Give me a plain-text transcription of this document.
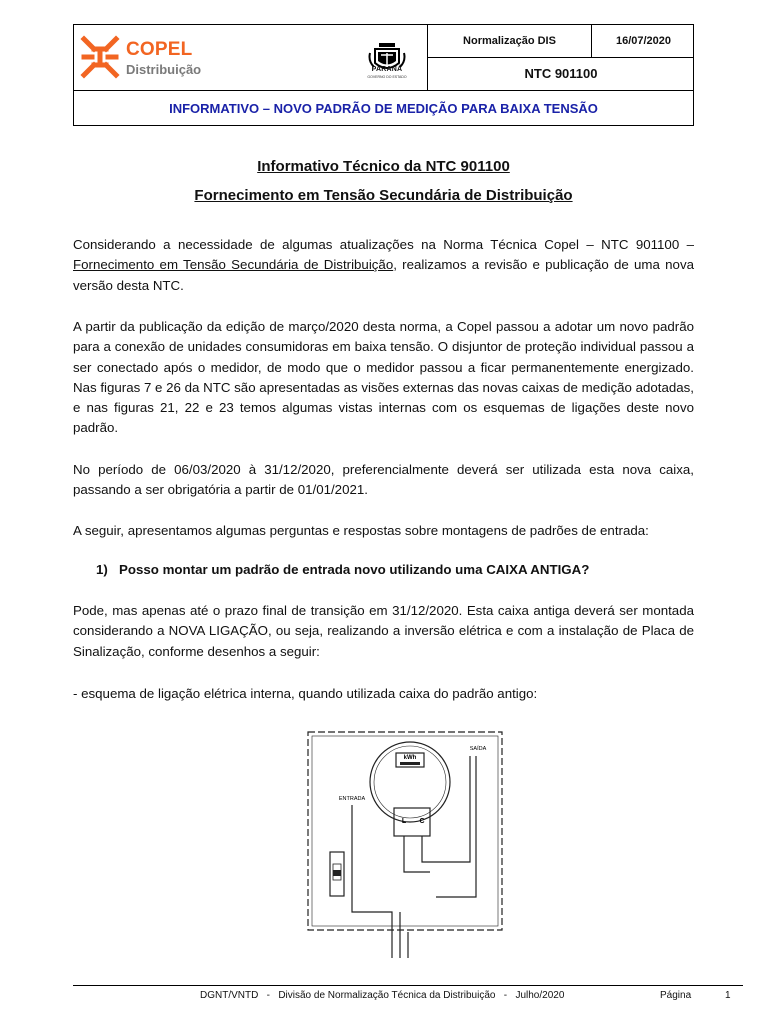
COPEL
Distribuição	PARANÁ
GOVERNO DO ESTADO
Normalização DIS	16/07/2020
NTC 901100
INFORMATIVO – NOVO PADRÃO DE MEDIÇÃO PARA BAIXA TENSÃO
Informativo Técnico da NTC 901100
Fornecimento em Tensão Secundária de Distribuição

Considerando a necessidade de algumas atualizações na Norma Técnica Copel – NTC 901100 – Fornecimento em Tensão Secundária de Distribuição, realizamos a revisão e publicação de uma nova versão desta NTC.

A partir da publicação da edição de março/2020 desta norma, a Copel passou a adotar um novo padrão para a conexão de unidades consumidoras em baixa tensão. O disjuntor de proteção individual passou a ser conectado após o medidor, de modo que o medidor passou a ficar permanentemente energizado. Nas figuras 7 e 26 da NTC são apresentadas as visões externas das novas caixas de medição adotadas, e nas figuras 21, 22 e 23 temos algumas vistas internas com os esquemas de ligações deste novo padrão.

No período de 06/03/2020 à 31/12/2020, preferencialmente deverá ser utilizada esta nova caixa, passando a ser obrigatória a partir de 01/01/2021.

A seguir, apresentamos algumas perguntas e respostas sobre montagens de padrões de entrada:

1) Posso montar um padrão de entrada novo utilizando uma CAIXA ANTIGA?

Pode, mas apenas até o prazo final de transição em 31/12/2020. Esta caixa antiga deverá ser montada considerando a NOVA LIGAÇÃO, ou seja, realizando a inversão elétrica e com a instalação de Placa de Sinalização, conforme desenhos a seguir:

- esquema de ligação elétrica interna, quando utilizada caixa do padrão antigo:

kWh
ENTRADA
SAÍDA
L C
DGNT/VNTD   -   Divisão de Normalização Técnica da Distribuição   -   Julho/2020	Página	1
